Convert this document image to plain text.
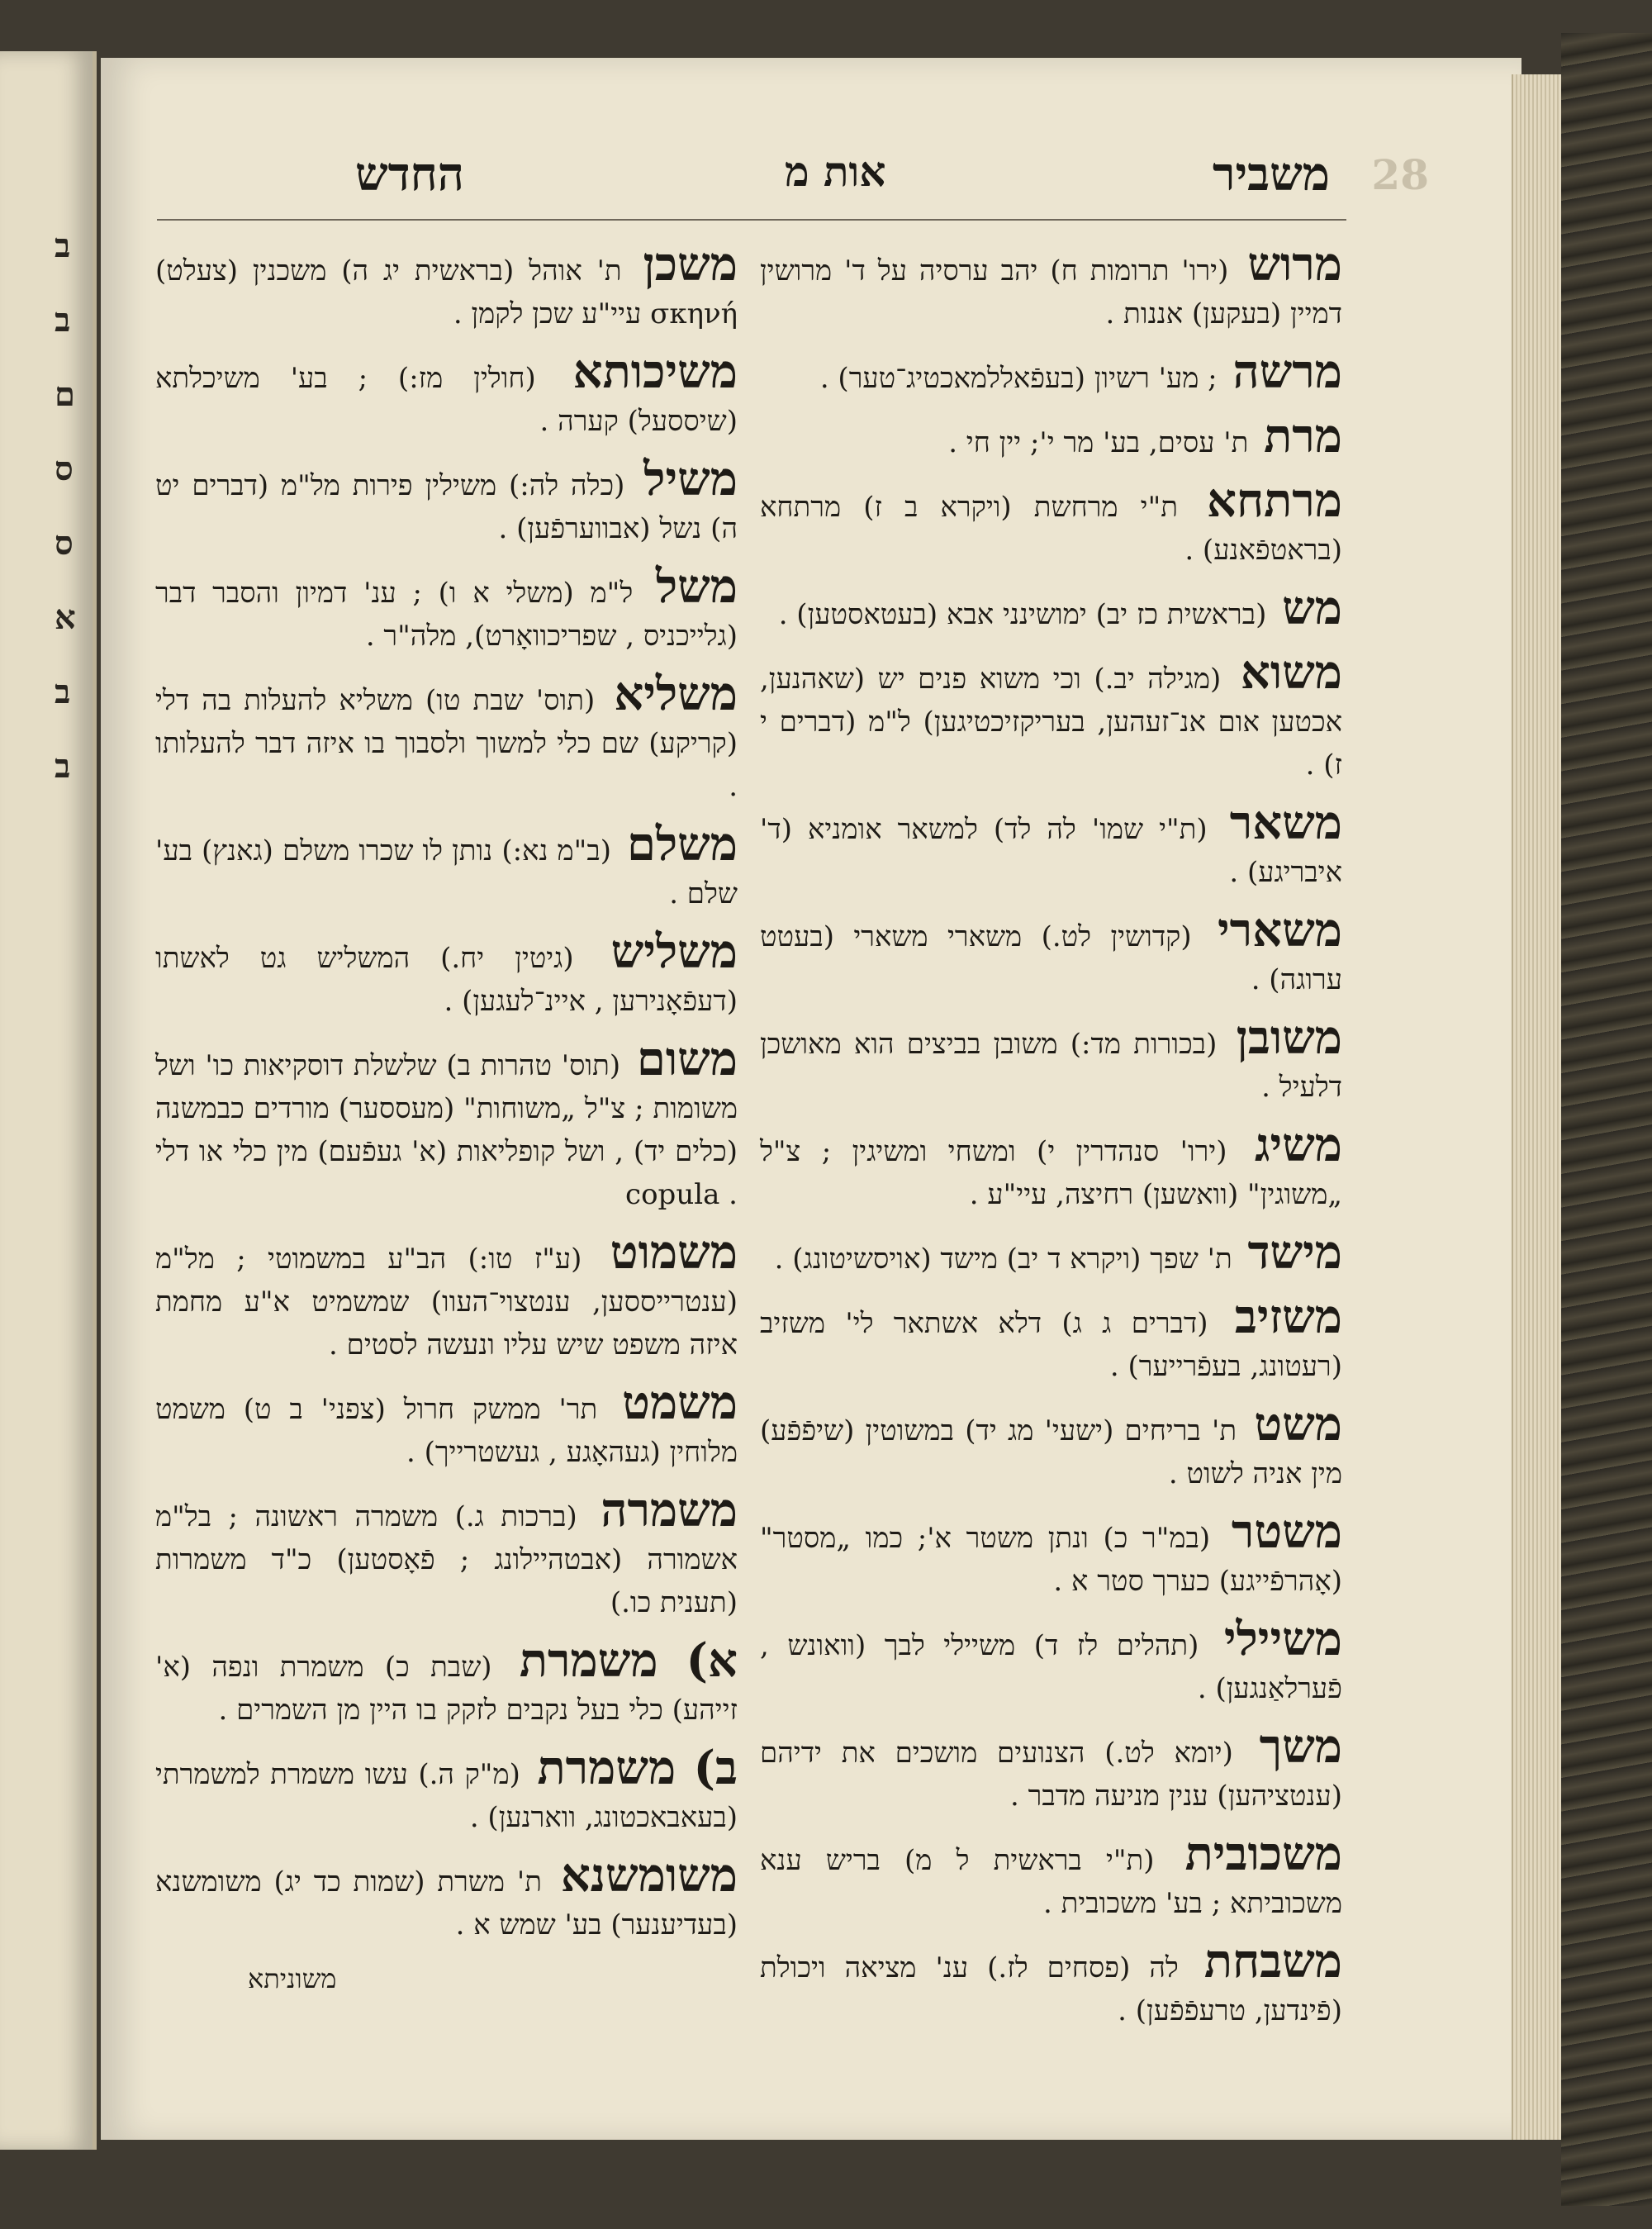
ב
ב
ם
ס
ס
א
ב
ב
28
משביר
אות מ
החדש
מרוש (ירו' תרומות ח) יהב ערסיה על ד' מרושין דמיין (בעקען) אננות .
מרשה ; מע' רשיון (בעפֿאללמאכטיג־טער) .
מרת ת' עסים, בע' מר י'; יין חי .
מרתחא ת"י מרחשת (ויקרא ב ז) מרתחא (בראטפֿאנע) .
מש (בראשית כז יב) ימושינני אבא (בעטאסטען) .
משוא (מגילה יב.) וכי משוא פנים יש (שאהנען, אכטען אום אנ־זעהען, בעריקזיכטיגען) ל"מ (דברים י ז) .
משאר (ת"י שמו' לה לד) למשאר אומניא (ד' איבריגע) .
משארי (קדושין לט.) משארי משארי (בעטט ערוגה) .
משובן (בכורות מד:) משובן בביצים הוא מאושכן דלעיל .
משיג (ירו' סנהדרין י) ומשחי ומשיגין ; צ"ל „משוגין" (וואשען) רחיצה, עיי"ע .
מישד ת' שפך (ויקרא ד יב) מישד (אויסשיטונג) .
משזיב (דברים ג ג) דלא אשתאר לי' משזיב (רעטונג, בעפֿרייער) .
משט ת' בריחים (ישעי' מג יד) במשוטין (שיפֿפֿע) מין אניה לשוט .
משטר (במ"ר כ) ונתן משטר א'; כמו „מסטר" (אָהרפֿייגע) כערך סטר א .
משיילי (תהלים לז ד) משיילי לבך (וואונש , פֿערלאַנגען) .
משך (יומא לט.) הצנועים מושכים את ידיהם (ענטציהען) ענין מניעה מדבר .
משכובית (ת"י בראשית ל מ) בריש ענא משכוביתא ; בע' משכובית .
משבחת לה (פסחים לז.) ענ' מציאה ויכולת (פֿינדען, טרעפֿפֿען) .
משכן ת' אוהל (בראשית יג ה) משכנין (צעלט) σκηνή עיי"ע שכן לקמן .
משיכותא (חולין מז:) ; בע' משיכלתא (שיססעל) קערה .
משיל (כלה לה:) משילין פירות מל"מ (דברים יט ה) נשל (אבווערפֿען) .
משל ל"מ (משלי א ו) ; ענ' דמיון והסבר דבר (גלייכניס , שפריכוואָרט), מלה"ר .
משליא (תוס' שבת טו) משליא להעלות בה דלי (קריקע) שם כלי למשוך ולסבוך בו איזה דבר להעלותו .
משלם (ב"מ נא:) נותן לו שכרו משלם (גאנץ) בע' שלם .
משליש (גיטין יח.) המשליש גט לאשתו (דעפֿאָנירען , איינ־לעגען) .
משום (תוס' טהרות ב) שלשלת דוסקיאות כו' ושל משומות ; צ"ל „משוחות" (מעססער) מורדים כבמשנה (כלים יד) , ושל קופליאות (א' געפֿעם) מין כלי או דלי . copula
משמוט (ע"ז טו:) הב"ע במשמוטי ; מל"מ (ענטרייססען, ענטצוי־העוו) שמשמיט א"ע מחמת איזה משפט שיש עליו ונעשה לסטים .
משמט תר' ממשק חרול (צפני' ב ט) משמט מלוחין (געהאָגע , געשטרייך) .
משמרה (ברכות ג.) משמרה ראשונה ; בל"מ אשמורה (אבטהיילונג ; פֿאָסטען) כ"ד משמרות (תענית כו.)
א) משמרת (שבת כ) משמרת ונפה (א' זייהע) כלי בעל נקבים לזקק בו היין מן השמרים .
ב) משמרת (מ"ק ה.) עשו משמרת למשמרתי (בעאבאכטונג, ווארנען) .
משומשנא ת' משרת (שמות כד יג) משומשנא (בעדיענער) בע' שמש א .
משוניתא
